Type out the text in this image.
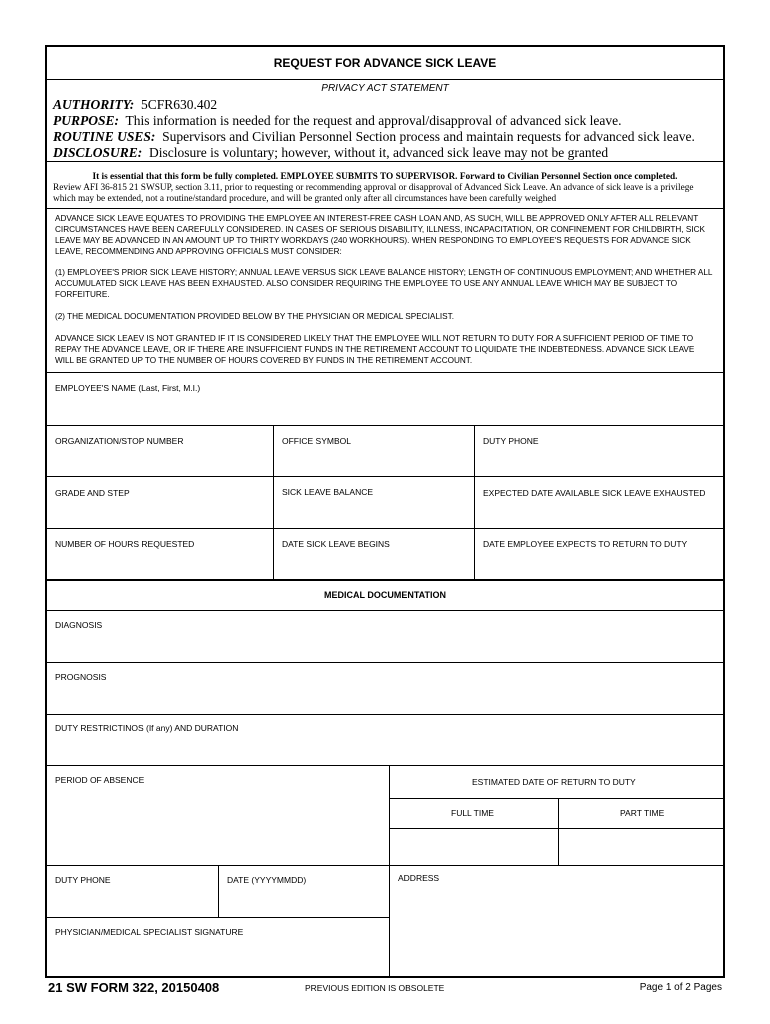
REQUEST FOR ADVANCE SICK LEAVE
PRIVACY ACT STATEMENT
AUTHORITY: 5CFR630.402
PURPOSE: This information is needed for the request and approval/disapproval of advanced sick leave.
ROUTINE USES: Supervisors and Civilian Personnel Section process and maintain requests for advanced sick leave.
DISCLOSURE: Disclosure is voluntary; however, without it, advanced sick leave may not be granted
It is essential that this form be fully completed. EMPLOYEE SUBMITS TO SUPERVISOR. Forward to Civilian Personnel Section once completed.
Review AFI 36-815 21 SWSUP, section 3.11, prior to requesting or recommending approval or disapproval of Advanced Sick Leave. An advance of sick leave is a privilege which may be extended, not a routine/standard procedure, and will be granted only after all circumstances have been carefully weighed
ADVANCE SICK LEAVE EQUATES TO PROVIDING THE EMPLOYEE AN INTEREST-FREE CASH LOAN AND, AS SUCH, WILL BE APPROVED ONLY AFTER ALL RELEVANT CIRCUMSTANCES HAVE BEEN CAREFULLY CONSIDERED. IN CASES OF SERIOUS DISABILITY, ILLNESS, INCAPACITATION, OR CONFINEMENT FOR CHILDBIRTH, SICK LEAVE MAY BE ADVANCED IN AN AMOUNT UP TO THIRTY WORKDAYS (240 WORKHOURS). WHEN RESPONDING TO EMPLOYEE'S REQUESTS FOR ADVANCE SICK LEAVE, RECOMMENDING AND APPROVING OFFICIALS MUST CONSIDER:
(1) EMPLOYEE'S PRIOR SICK LEAVE HISTORY; ANNUAL LEAVE VERSUS SICK LEAVE BALANCE HISTORY; LENGTH OF CONTINUOUS EMPLOYMENT; AND WHETHER ALL ACCUMULATED SICK LEAVE HAS BEEN EXHAUSTED. ALSO CONSIDER REQUIRING THE EMPLOYEE TO USE ANY ANNUAL LEAVE WHICH MAY BE SUBJECT TO FORFEITURE.
(2) THE MEDICAL DOCUMENTATION PROVIDED BELOW BY THE PHYSICIAN OR MEDICAL SPECIALIST.
ADVANCE SICK LEAEV IS NOT GRANTED IF IT IS CONSIDERED LIKELY THAT THE EMPLOYEE WILL NOT RETURN TO DUTY FOR A SUFFICIENT PERIOD OF TIME TO REPAY THE ADVANCE LEAVE, OR IF THERE ARE INSUFFICIENT FUNDS IN THE RETIREMENT ACCOUNT TO LIQUIDATE THE INDEBTEDNESS. ADVANCE SICK LEAVE WILL BE GRANTED UP TO THE NUMBER OF HOURS COVERED BY FUNDS IN THE RETIREMENT ACCOUNT.
EMPLOYEE'S NAME (Last, First, M.I.)
ORGANIZATION/STOP NUMBER	OFFICE SYMBOL	DUTY PHONE
GRADE AND STEP	SICK LEAVE BALANCE	EXPECTED DATE AVAILABLE SICK LEAVE EXHAUSTED
NUMBER OF HOURS REQUESTED	DATE SICK LEAVE BEGINS	DATE EMPLOYEE EXPECTS TO RETURN TO DUTY
MEDICAL DOCUMENTATION
DIAGNOSIS
PROGNOSIS
DUTY RESTRICTINOS (If any) AND DURATION
PERIOD OF ABSENCE	ESTIMATED DATE OF RETURN TO DUTY
FULL TIME	PART TIME
DUTY PHONE	DATE (YYYYMMDD)	ADDRESS
PHYSICIAN/MEDICAL SPECIALIST SIGNATURE
21 SW FORM 322, 20150408	PREVIOUS EDITION IS OBSOLETE	Page 1 of 2 Pages
